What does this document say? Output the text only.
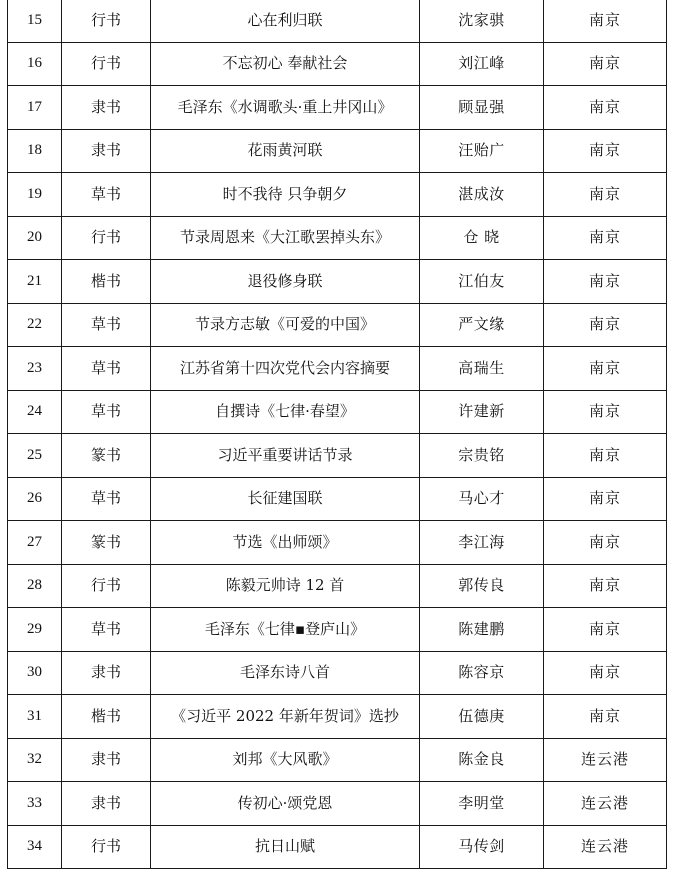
15	行书	心在利归联	沈家骐	南京
16	行书	不忘初心 奉献社会	刘江峰	南京
17	隶书	毛泽东《水调歌头·重上井冈山》	顾显强	南京
18	隶书	花雨黄河联	汪贻广	南京
19	草书	时不我待 只争朝夕	湛成汝	南京
20	行书	节录周恩来《大江歌罢掉头东》	仓 晓	南京
21	楷书	退役修身联	江伯友	南京
22	草书	节录方志敏《可爱的中国》	严文缘	南京
23	草书	江苏省第十四次党代会内容摘要	高瑞生	南京
24	草书	自撰诗《七律·春望》	许建新	南京
25	篆书	习近平重要讲话节录	宗贵铭	南京
26	草书	长征建国联	马心才	南京
27	篆书	节选《出师颂》	李江海	南京
28	行书	陈毅元帅诗 12 首	郭传良	南京
29	草书	毛泽东《七律▪登庐山》	陈建鹏	南京
30	隶书	毛泽东诗八首	陈容京	南京
31	楷书	《习近平 2022 年新年贺词》选抄	伍德庚	南京
32	隶书	刘邦《大风歌》	陈金良	连云港
33	隶书	传初心·颂党恩	李明堂	连云港
34	行书	抗日山赋	马传剑	连云港
